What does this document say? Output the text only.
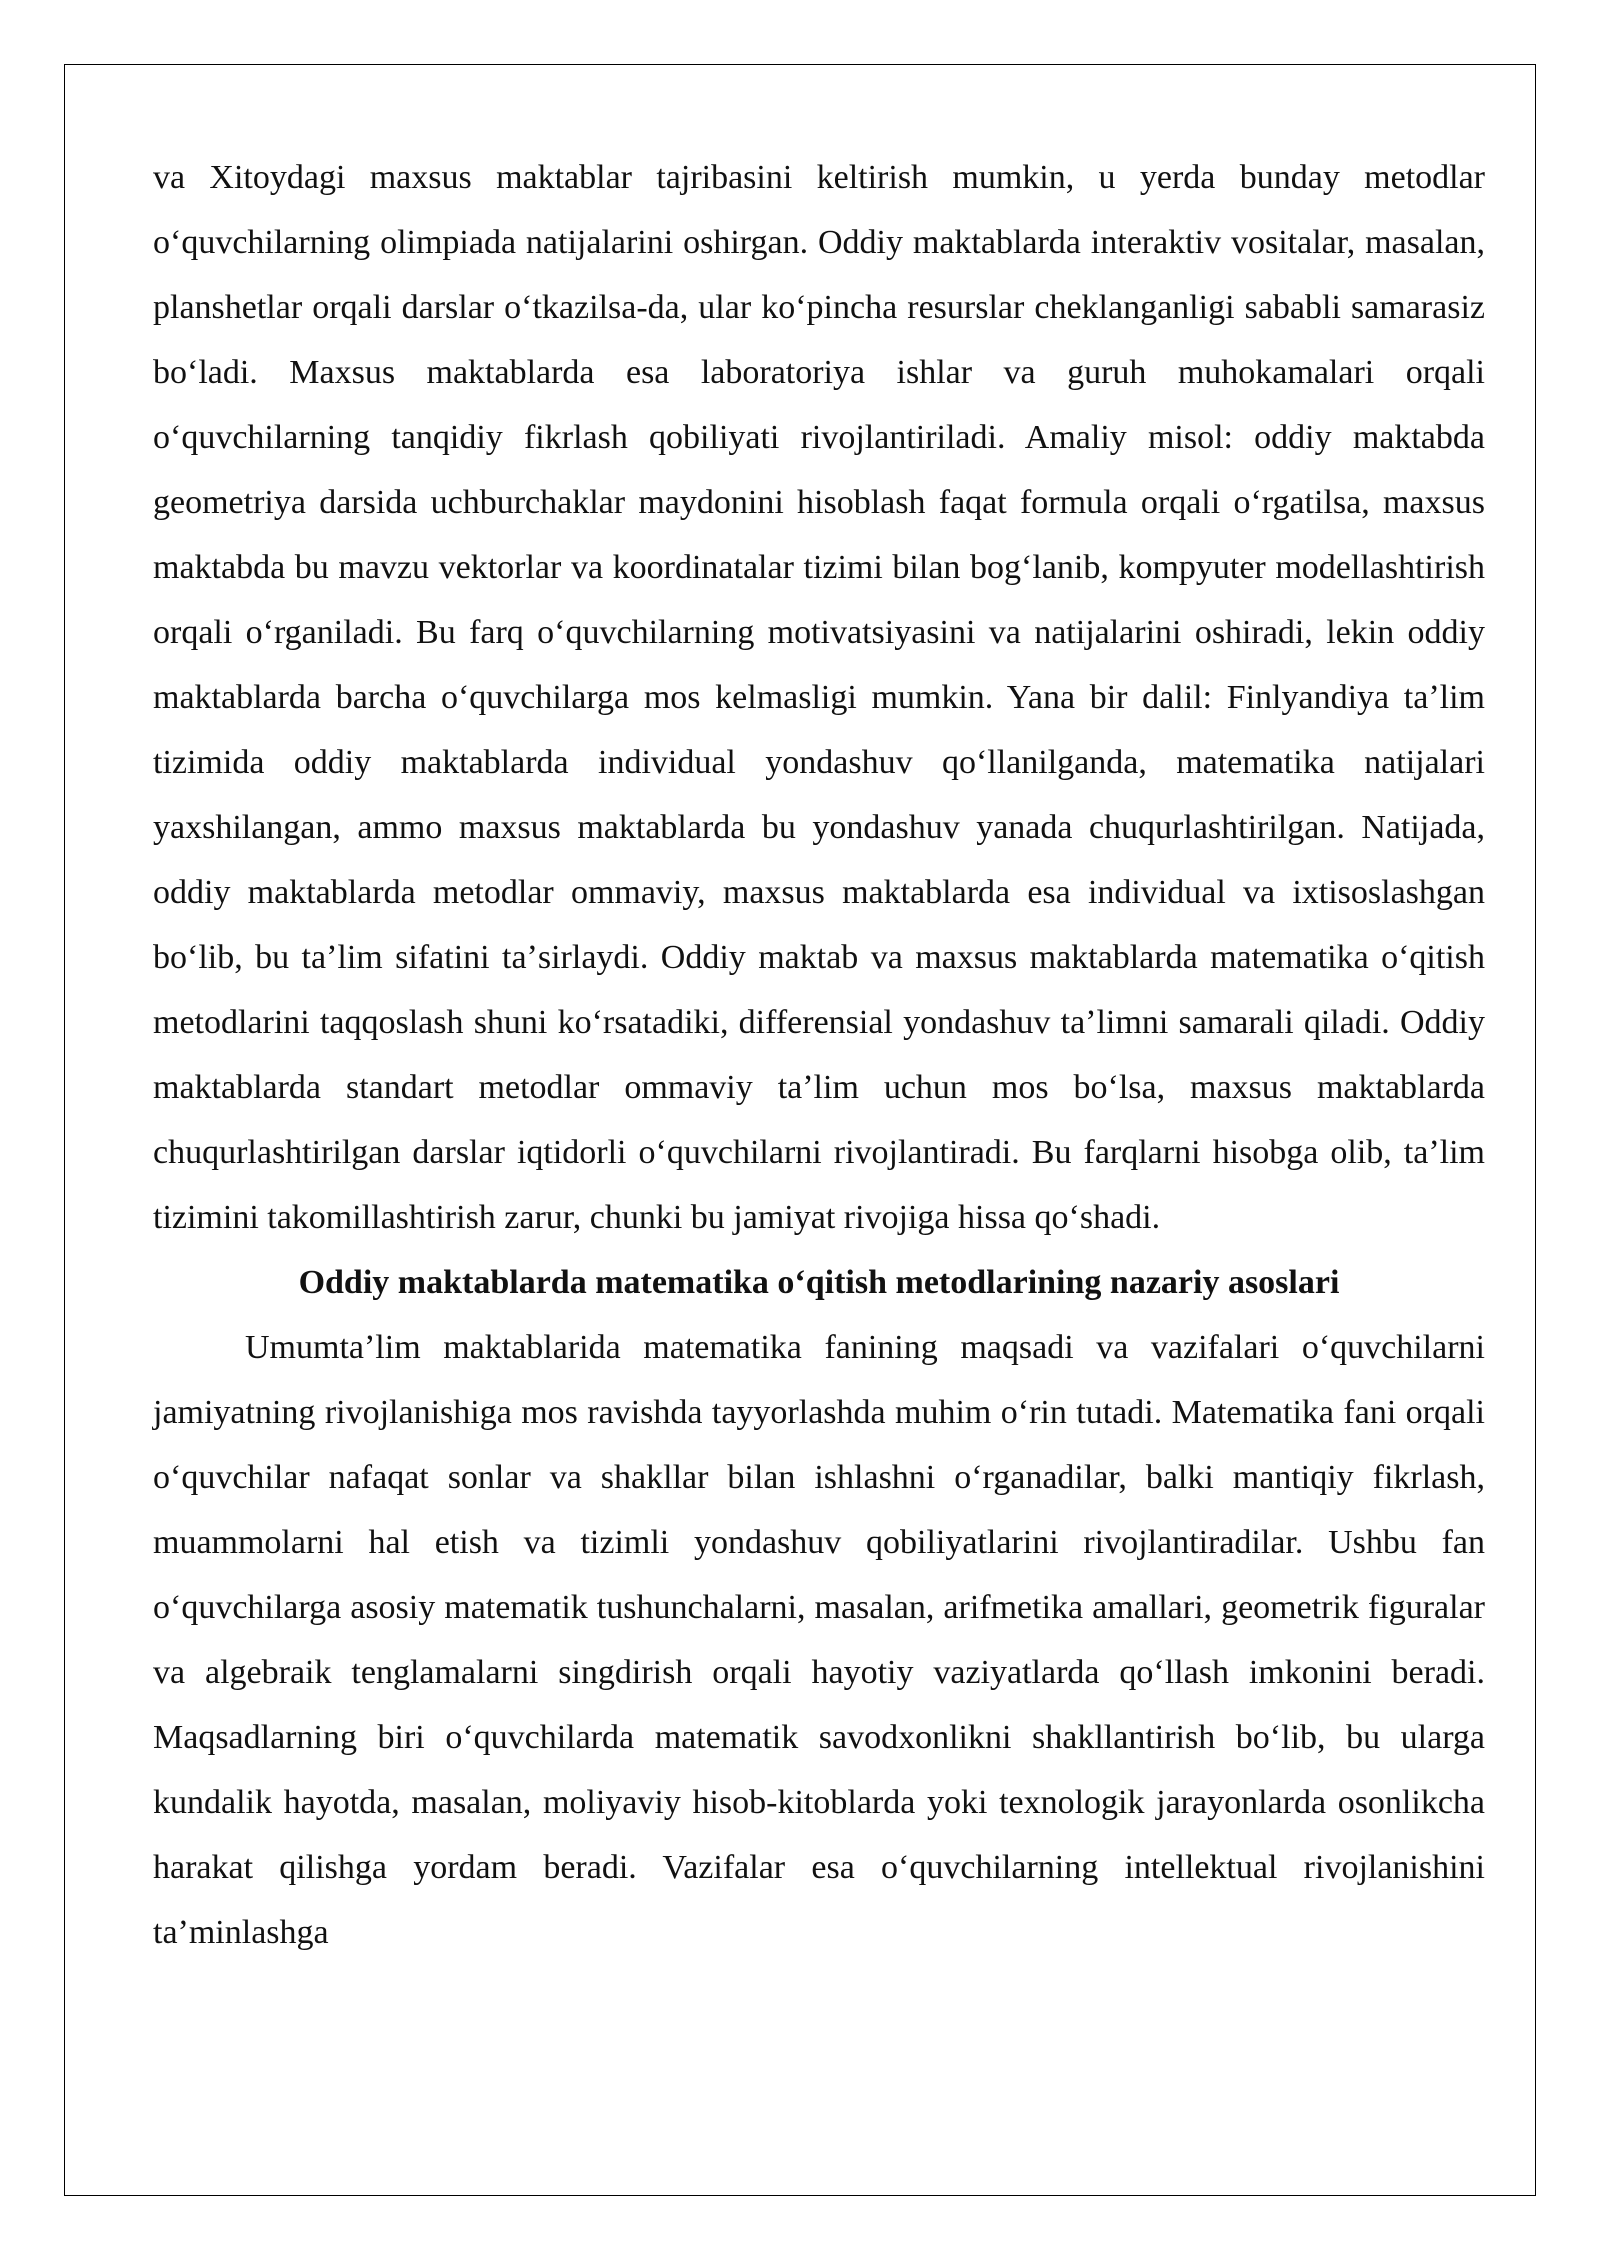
va Xitoydagi maxsus maktablar tajribasini keltirish mumkin, u yerda bunday metodlar oʻquvchilarning olimpiada natijalarini oshirgan. Oddiy maktablarda interaktiv vositalar, masalan, planshetlar orqali darslar oʻtkazilsa-da, ular koʻpincha resurslar cheklanganligi sababli samarasiz boʻladi. Maxsus maktablarda esa laboratoriya ishlar va guruh muhokamalari orqali oʻquvchilarning tanqidiy fikrlash qobiliyati rivojlantiriladi. Amaliy misol: oddiy maktabda geometriya darsida uchburchaklar maydonini hisoblash faqat formula orqali oʻrgatilsa, maxsus maktabda bu mavzu vektorlar va koordinatalar tizimi bilan bogʻlanib, kompyuter modellashtirish orqali oʻrganiladi. Bu farq oʻquvchilarning motivatsiyasini va natijalarini oshiradi, lekin oddiy maktablarda barcha oʻquvchilarga mos kelmasligi mumkin. Yana bir dalil: Finlyandiya taʼlim tizimida oddiy maktablarda individual yondashuv qoʻllanilganda, matematika natijalari yaxshilangan, ammo maxsus maktablarda bu yondashuv yanada chuqurlashtirilgan. Natijada, oddiy maktablarda metodlar ommaviy, maxsus maktablarda esa individual va ixtisoslashgan boʻlib, bu taʼlim sifatini taʼsirlaydi. Oddiy maktab va maxsus maktablarda matematika oʻqitish metodlarini taqqoslash shuni koʻrsatadiki, differensial yondashuv taʼlimni samarali qiladi. Oddiy maktablarda standart metodlar ommaviy taʼlim uchun mos boʻlsa, maxsus maktablarda chuqurlashtirilgan darslar iqtidorli oʻquvchilarni rivojlantiradi. Bu farqlarni hisobga olib, taʼlim tizimini takomillashtirish zarur, chunki bu jamiyat rivojiga hissa qoʻshadi.

Oddiy maktablarda matematika oʻqitish metodlarining nazariy asoslari

Umumtaʼlim maktablarida matematika fanining maqsadi va vazifalari oʻquvchilarni jamiyatning rivojlanishiga mos ravishda tayyorlashda muhim oʻrin tutadi. Matematika fani orqali oʻquvchilar nafaqat sonlar va shakllar bilan ishlashni oʻrganadilar, balki mantiqiy fikrlash, muammolarni hal etish va tizimli yondashuv qobiliyatlarini rivojlantiradilar. Ushbu fan oʻquvchilarga asosiy matematik tushunchalarni, masalan, arifmetika amallari, geometrik figuralar va algebraik tenglamalarni singdirish orqali hayotiy vaziyatlarda qoʻllash imkonini beradi. Maqsadlarning biri oʻquvchilarda matematik savodxonlikni shakllantirish boʻlib, bu ularga kundalik hayotda, masalan, moliyaviy hisob-kitoblarda yoki texnologik jarayonlarda osonlikcha harakat qilishga yordam beradi. Vazifalar esa oʻquvchilarning intellektual rivojlanishini taʼminlashga
